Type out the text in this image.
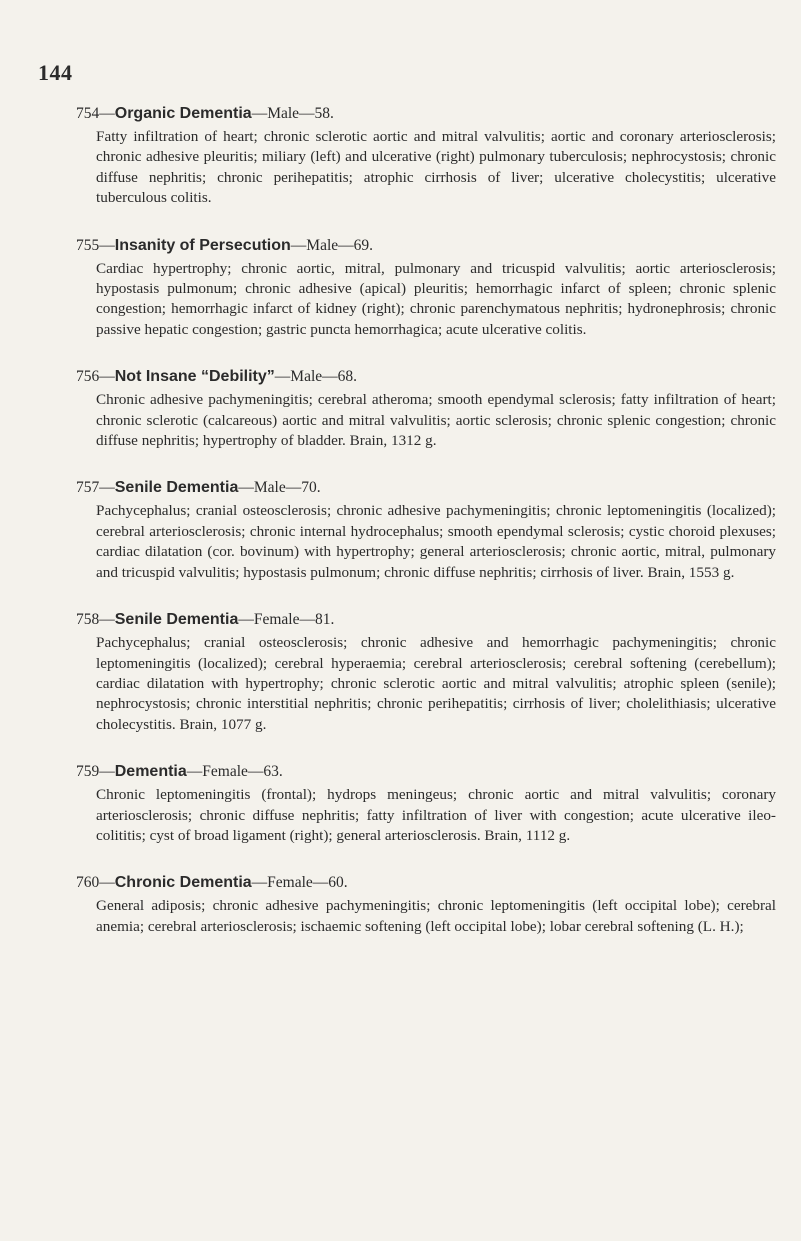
144
754—Organic Dementia—Male—58.
Fatty infiltration of heart; chronic sclerotic aortic and mitral valvulitis; aortic and coronary arteriosclerosis; chronic adhesive pleuritis; miliary (left) and ulcerative (right) pulmonary tuberculosis; nephrocystosis; chronic diffuse nephritis; chronic perihepatitis; atrophic cirrhosis of liver; ulcerative cholecystitis; ulcerative tuberculous colitis.
755—Insanity of Persecution—Male—69.
Cardiac hypertrophy; chronic aortic, mitral, pulmonary and tricuspid valvulitis; aortic arteriosclerosis; hypostasis pulmonum; chronic adhesive (apical) pleuritis; hemorrhagic infarct of spleen; chronic splenic congestion; hemorrhagic infarct of kidney (right); chronic parenchymatous nephritis; hydronephrosis; chronic passive hepatic congestion; gastric puncta hemorrhagica; acute ulcerative colitis.
756—Not Insane “Debility”—Male—68.
Chronic adhesive pachymeningitis; cerebral atheroma; smooth ependymal sclerosis; fatty infiltration of heart; chronic sclerotic (calcareous) aortic and mitral valvulitis; aortic sclerosis; chronic splenic congestion; chronic diffuse nephritis; hypertrophy of bladder. Brain, 1312 g.
757—Senile Dementia—Male—70.
Pachycephalus; cranial osteosclerosis; chronic adhesive pachymeningitis; chronic leptomeningitis (localized); cerebral arteriosclerosis; chronic internal hydrocephalus; smooth ependymal sclerosis; cystic choroid plexuses; cardiac dilatation (cor. bovinum) with hypertrophy; general arteriosclerosis; chronic aortic, mitral, pulmonary and tricuspid valvulitis; hypostasis pulmonum; chronic diffuse nephritis; cirrhosis of liver. Brain, 1553 g.
758—Senile Dementia—Female—81.
Pachycephalus; cranial osteosclerosis; chronic adhesive and hemorrhagic pachymeningitis; chronic leptomeningitis (localized); cerebral hyperaemia; cerebral arteriosclerosis; cerebral softening (cerebellum); cardiac dilatation with hypertrophy; chronic sclerotic aortic and mitral valvulitis; atrophic spleen (senile); nephrocystosis; chronic interstitial nephritis; chronic perihepatitis; cirrhosis of liver; cholelithiasis; ulcerative cholecystitis. Brain, 1077 g.
759—Dementia—Female—63.
Chronic leptomeningitis (frontal); hydrops meningeus; chronic aortic and mitral valvulitis; coronary arteriosclerosis; chronic diffuse nephritis; fatty infiltration of liver with congestion; acute ulcerative ileo-colititis; cyst of broad ligament (right); general arteriosclerosis. Brain, 1112 g.
760—Chronic Dementia—Female—60.
General adiposis; chronic adhesive pachymeningitis; chronic leptomeningitis (left occipital lobe); cerebral anemia; cerebral arteriosclerosis; ischaemic softening (left occipital lobe); lobar cerebral softening (L. H.);
